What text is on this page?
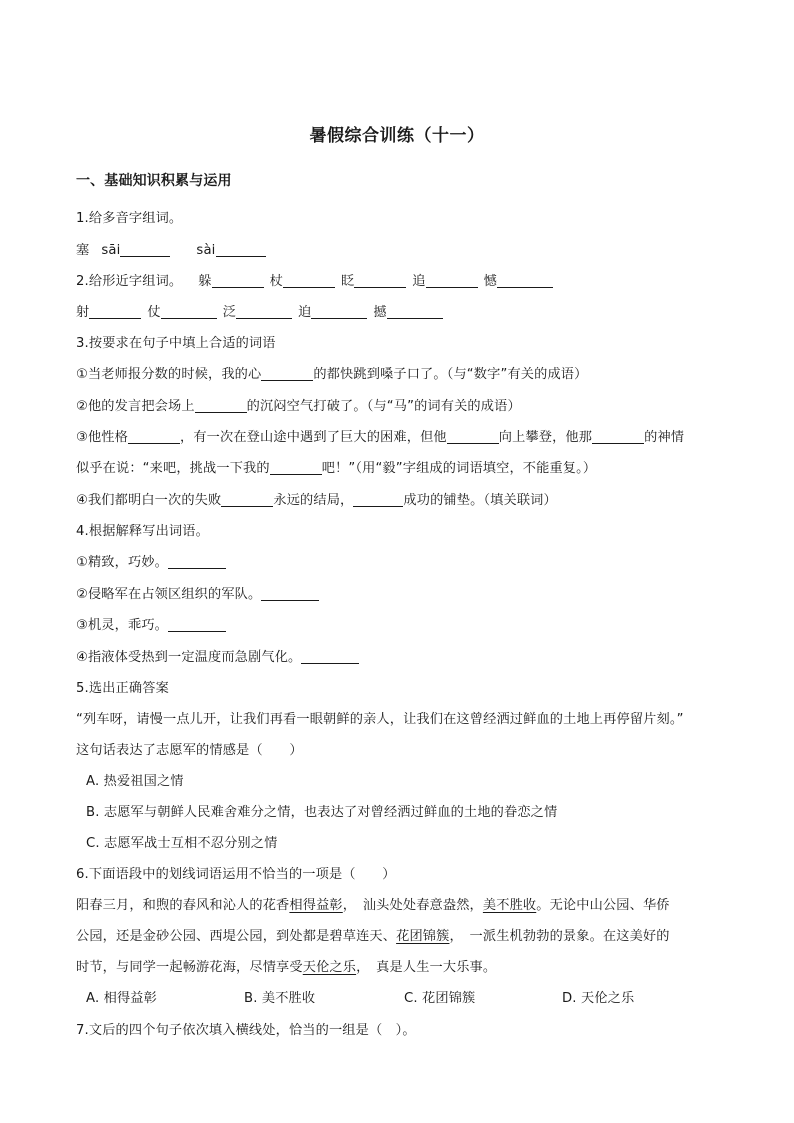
暑假综合训练（十一）
一、基础知识积累与运用
1.给多音字组词。
塞 sāi	sài
2.给形近字组词。 躲	杖	眨	追	憾
射	仗	泛	迫	撼
3.按要求在句子中填上合适的词语
①当老师报分数的时候，我的心	的都快跳到嗓子口了。（与“数字”有关的成语）
②他的发言把会场上	的沉闷空气打破了。（与“马”的词有关的成语）
③他性格	，有一次在登山途中遇到了巨大的困难，但他	向上攀登，他那	的神情
似乎在说：“来吧，挑战一下我的	吧！”（用“毅”字组成的词语填空，不能重复。）
④我们都明白一次的失败	永远的结局，	成功的铺垫。（填关联词）
4.根据解释写出词语。
①精致，巧妙。
②侵略军在占领区组织的军队。
③机灵，乖巧。
④指液体受热到一定温度而急剧气化。
5.选出正确答案
“列车呀，请慢一点儿开，让我们再看一眼朝鲜的亲人，让我们在这曾经洒过鲜血的土地上再停留片刻。”
这句话表达了志愿军的情感是（　　）
A. 热爱祖国之情
B. 志愿军与朝鲜人民难舍难分之情，也表达了对曾经洒过鲜血的土地的眷恋之情
C. 志愿军战士互相不忍分别之情
6.下面语段中的划线词语运用不恰当的一项是（　　）
阳春三月，和煦的春风和沁人的花香相得益彰，　汕头处处春意盎然，美不胜收。无论中山公园、华侨
公园，还是金砂公园、西堤公园，到处都是碧草连天、花团锦簇，　一派生机勃勃的景象。在这美好的
时节，与同学一起畅游花海，尽情享受天伦之乐，　真是人生一大乐事。
A. 相得益彰	B. 美不胜收	C. 花团锦簇	D. 天伦之乐
7.文后的四个句子依次填入横线处，恰当的一组是（　）。
